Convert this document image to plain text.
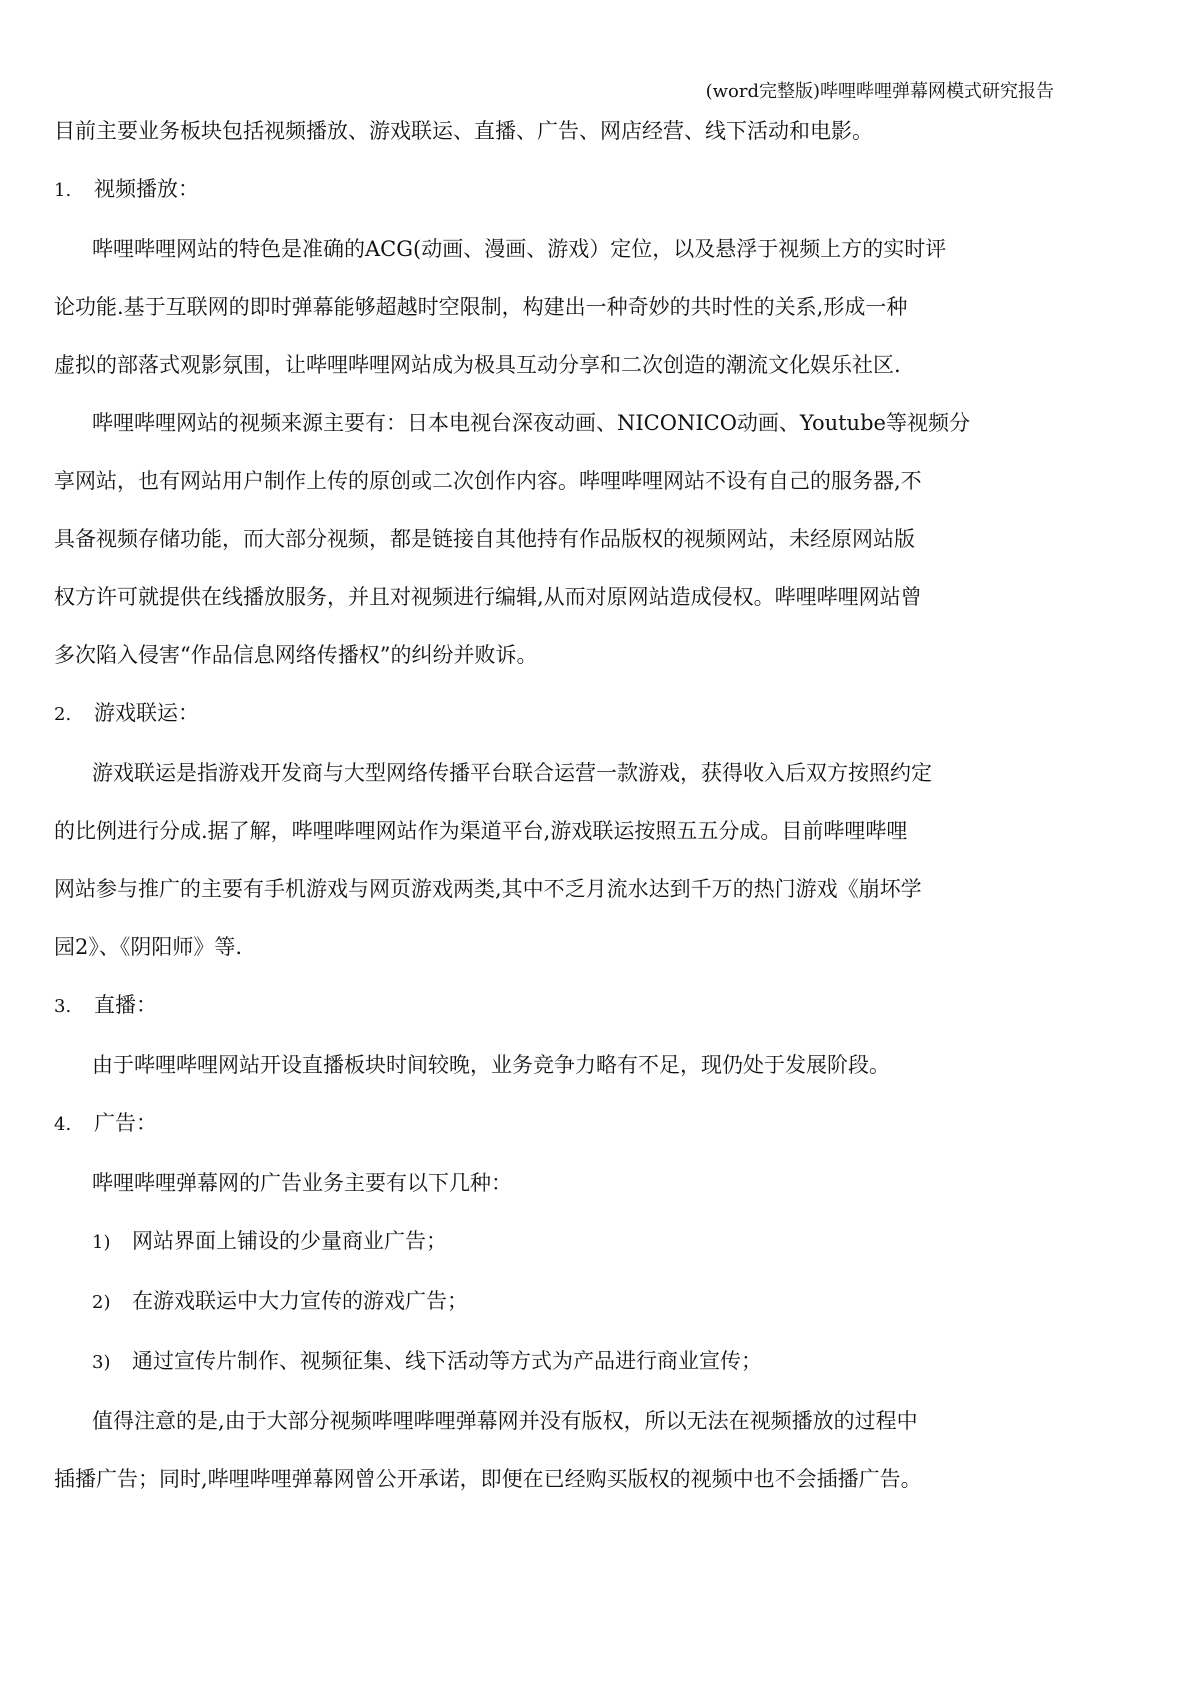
(word完整版)哔哩哔哩弹幕网模式研究报告
目前主要业务板块包括视频播放、游戏联运、直播、广告、网店经营、线下活动和电影。
1. 视频播放：
哔哩哔哩网站的特色是准确的ACG(动画、漫画、游戏）定位，以及悬浮于视频上方的实时评
论功能.基于互联网的即时弹幕能够超越时空限制，构建出一种奇妙的共时性的关系,形成一种
虚拟的部落式观影氛围，让哔哩哔哩网站成为极具互动分享和二次创造的潮流文化娱乐社区.
哔哩哔哩网站的视频来源主要有：日本电视台深夜动画、NICONICO动画、Youtube等视频分
享网站，也有网站用户制作上传的原创或二次创作内容。哔哩哔哩网站不设有自己的服务器,不
具备视频存储功能，而大部分视频，都是链接自其他持有作品版权的视频网站，未经原网站版
权方许可就提供在线播放服务，并且对视频进行编辑,从而对原网站造成侵权。哔哩哔哩网站曾
多次陷入侵害“作品信息网络传播权”的纠纷并败诉。
2. 游戏联运：
游戏联运是指游戏开发商与大型网络传播平台联合运营一款游戏，获得收入后双方按照约定
的比例进行分成.据了解，哔哩哔哩网站作为渠道平台,游戏联运按照五五分成。目前哔哩哔哩
网站参与推广的主要有手机游戏与网页游戏两类,其中不乏月流水达到千万的热门游戏《崩坏学
园2》、《阴阳师》等.
3. 直播：
由于哔哩哔哩网站开设直播板块时间较晚，业务竞争力略有不足，现仍处于发展阶段。
4. 广告：
哔哩哔哩弹幕网的广告业务主要有以下几种：
1) 网站界面上铺设的少量商业广告；
2) 在游戏联运中大力宣传的游戏广告；
3) 通过宣传片制作、视频征集、线下活动等方式为产品进行商业宣传；
值得注意的是,由于大部分视频哔哩哔哩弹幕网并没有版权，所以无法在视频播放的过程中
插播广告；同时,哔哩哔哩弹幕网曾公开承诺，即便在已经购买版权的视频中也不会插播广告。
